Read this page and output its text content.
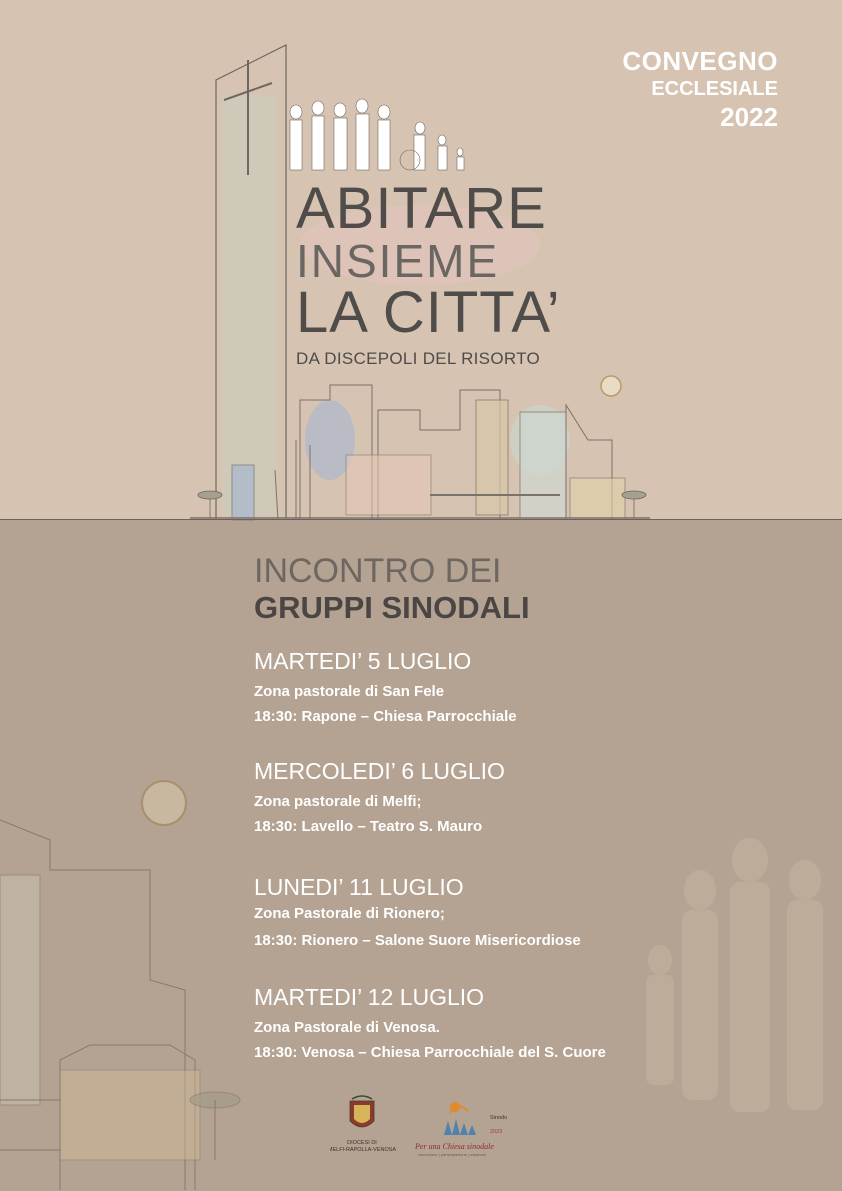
CONVEGNO
ECCLESIALE
2022
ABITARE
INSIEME
LA CITTA’
DA DISCEPOLI DEL RISORTO
INCONTRO DEI
GRUPPI SINODALI
MARTEDI’ 5 LUGLIO
Zona pastorale di San Fele
18:30: Rapone – Chiesa Parrocchiale
MERCOLEDI’ 6 LUGLIO
Zona pastorale di Melfi;
18:30: Lavello – Teatro S. Mauro
LUNEDI’ 11 LUGLIO
Zona Pastorale di Rionero;
18:30: Rionero – Salone Suore Misericordiose
MARTEDI’ 12 LUGLIO
Zona Pastorale di Venosa.
18:30: Venosa – Chiesa Parrocchiale del S. Cuore
DIOCESI DI
MELFI-RAPOLLA-VENOSA
Sinodo
2023
Per una Chiesa sinodale
comunione | partecipazione | missione
